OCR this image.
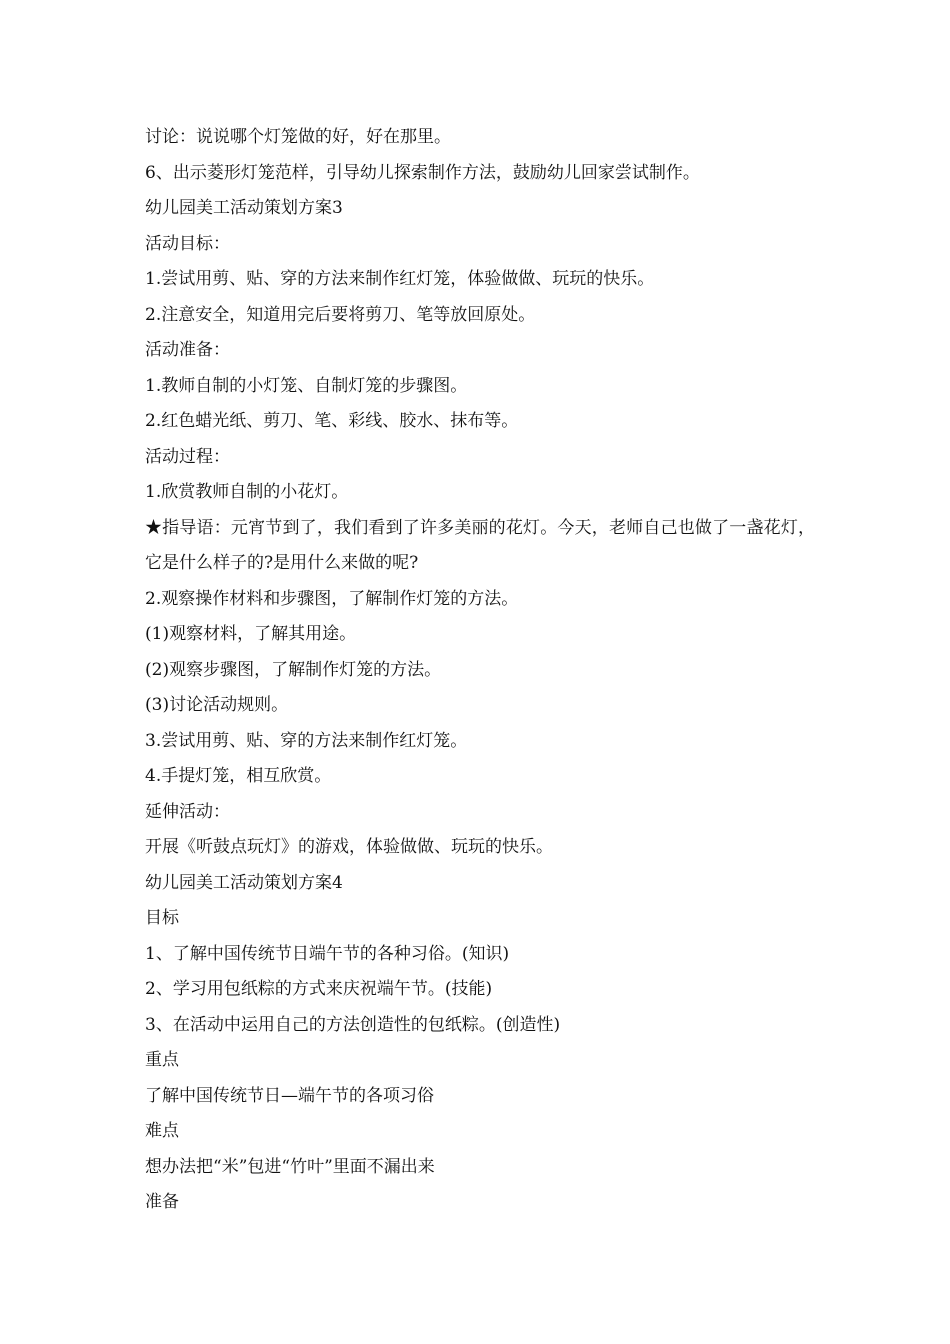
讨论：说说哪个灯笼做的好，好在那里。

6、出示菱形灯笼范样，引导幼儿探索制作方法，鼓励幼儿回家尝试制作。

幼儿园美工活动策划方案3

活动目标：

1.尝试用剪、贴、穿的方法来制作红灯笼，体验做做、玩玩的快乐。

2.注意安全，知道用完后要将剪刀、笔等放回原处。

活动准备：

1.教师自制的小灯笼、自制灯笼的步骤图。

2.红色蜡光纸、剪刀、笔、彩线、胶水、抹布等。

活动过程：

1.欣赏教师自制的小花灯。

★指导语：元宵节到了，我们看到了许多美丽的花灯。今天，老师自己也做了一盏花灯，它是什么样子的?是用什么来做的呢?

2.观察操作材料和步骤图，了解制作灯笼的方法。

(1)观察材料，了解其用途。

(2)观察步骤图，了解制作灯笼的方法。

(3)讨论活动规则。

3.尝试用剪、贴、穿的方法来制作红灯笼。

4.手提灯笼，相互欣赏。

延伸活动：

开展《听鼓点玩灯》的游戏，体验做做、玩玩的快乐。

幼儿园美工活动策划方案4

目标

1、了解中国传统节日端午节的各种习俗。(知识)

2、学习用包纸粽的方式来庆祝端午节。(技能)

3、在活动中运用自己的方法创造性的包纸粽。(创造性)

重点

了解中国传统节日—端午节的各项习俗

难点

想办法把“米”包进“竹叶”里面不漏出来

准备
